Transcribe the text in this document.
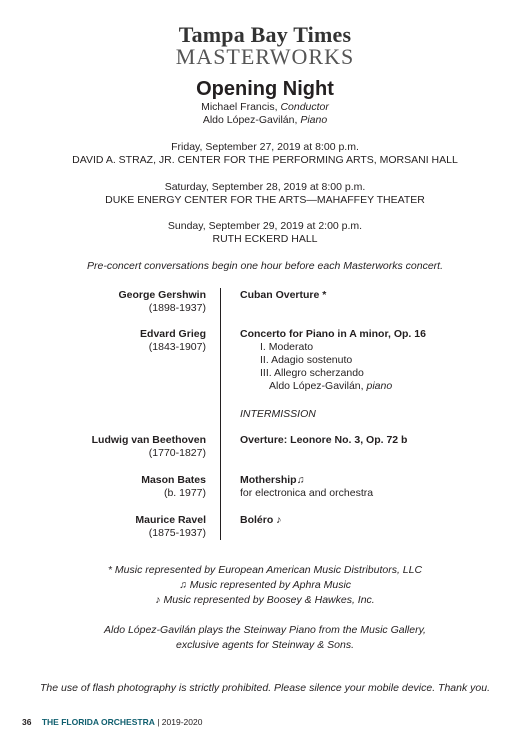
Tampa Bay Times
MASTERWORKS
Opening Night
Michael Francis, Conductor
Aldo López-Gavilán, Piano
Friday, September 27, 2019 at 8:00 p.m.
DAVID A. STRAZ, JR. CENTER FOR THE PERFORMING ARTS, MORSANI HALL
Saturday, September 28, 2019 at 8:00 p.m.
DUKE ENERGY CENTER FOR THE ARTS—MAHAFFEY THEATER
Sunday, September 29, 2019 at 2:00 p.m.
RUTH ECKERD HALL
Pre-concert conversations begin one hour before each Masterworks concert.
George Gershwin
(1898-1937)
Cuban Overture *
Edvard Grieg
(1843-1907)
Concerto for Piano in A minor, Op. 16
I. Moderato
II. Adagio sostenuto
III. Allegro scherzando
Aldo López-Gavilán, piano
INTERMISSION
Ludwig van Beethoven
(1770-1827)
Overture: Leonore No. 3, Op. 72 b
Mason Bates
(b. 1977)
Mothership♫
for electronica and orchestra
Maurice Ravel
(1875-1937)
Boléro ♪
* Music represented by European American Music Distributors, LLC
♫ Music represented by Aphra Music
♪ Music represented by Boosey & Hawkes, Inc.
Aldo López-Gavilán plays the Steinway Piano from the Music Gallery,
exclusive agents for Steinway & Sons.
The use of flash photography is strictly prohibited. Please silence your mobile device. Thank you.
36 THE FLORIDA ORCHESTRA | 2019-2020
